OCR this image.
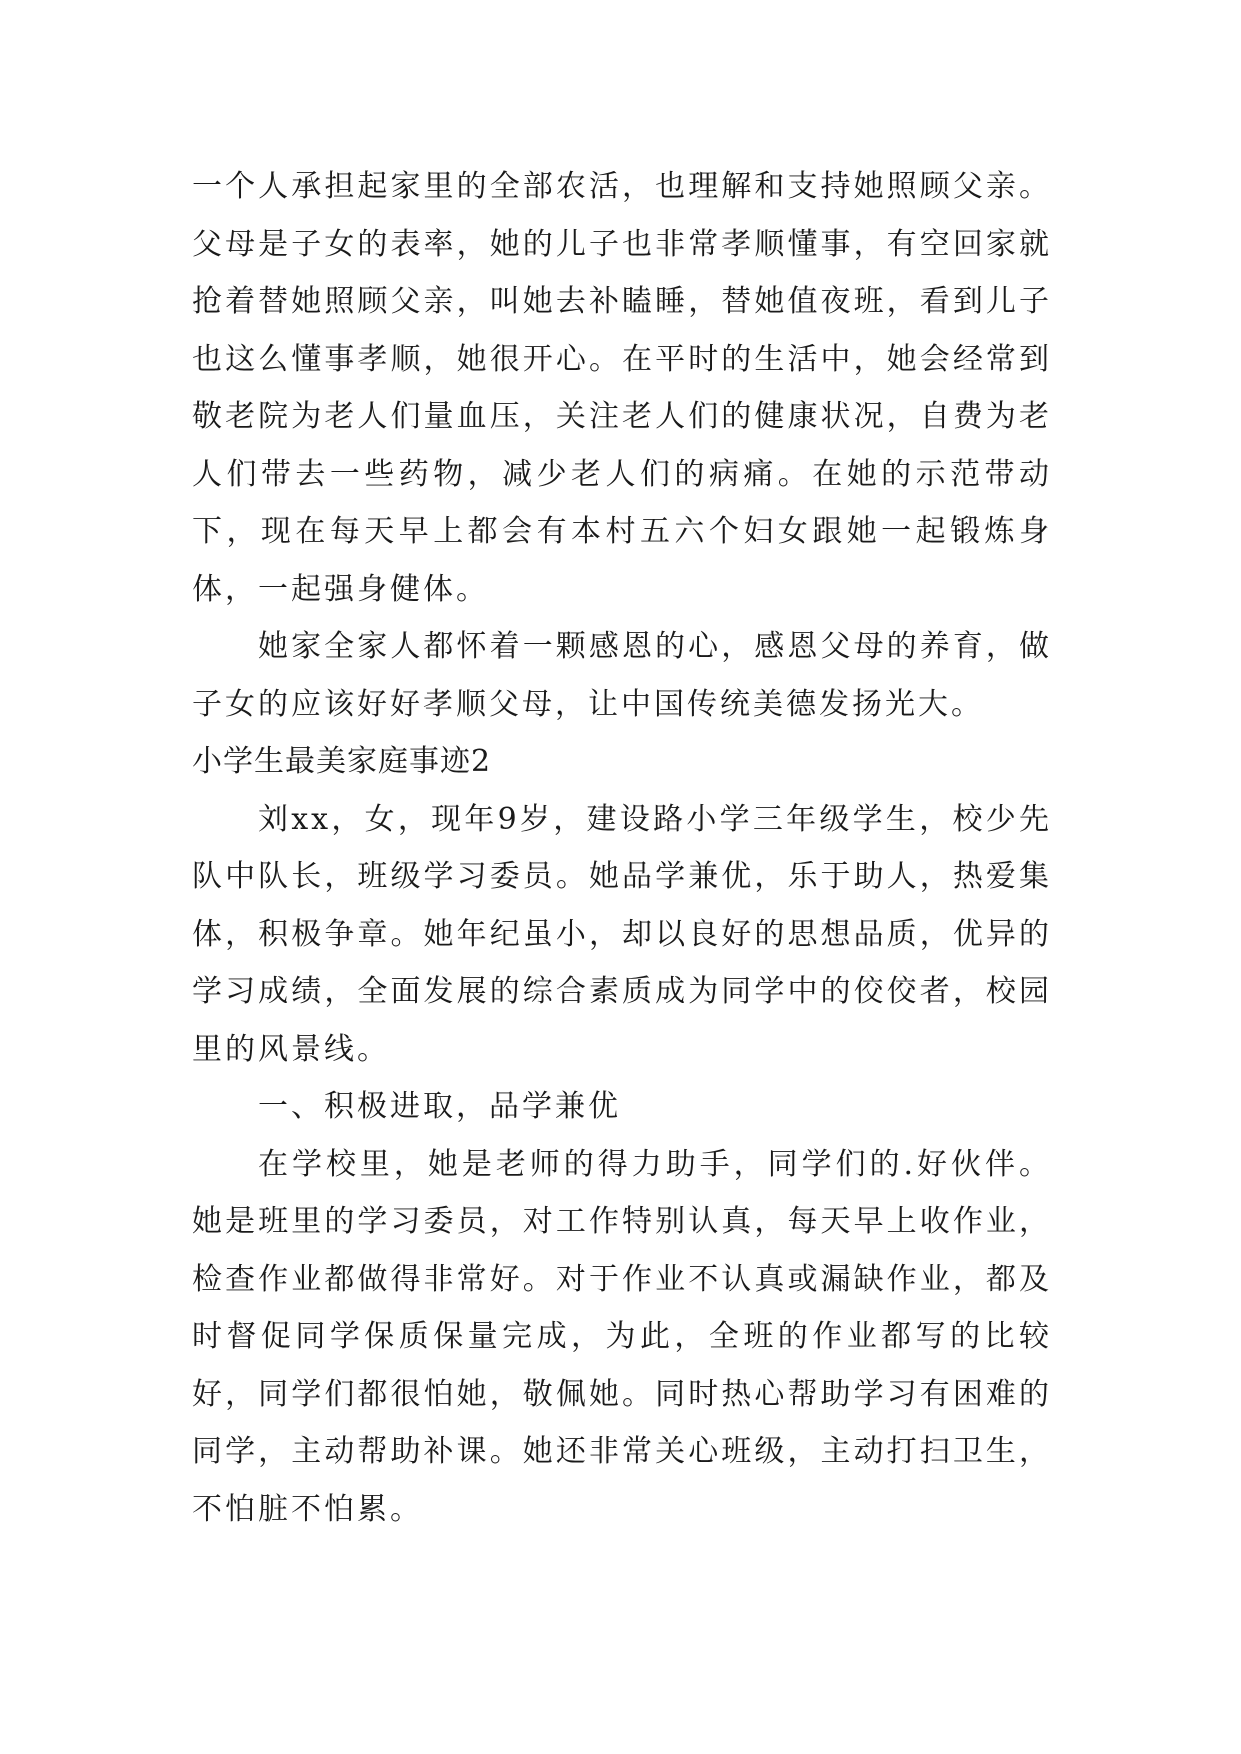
一个人承担起家里的全部农活，也理解和支持她照顾父亲。父母是子女的表率，她的儿子也非常孝顺懂事，有空回家就抢着替她照顾父亲，叫她去补瞌睡，替她值夜班，看到儿子也这么懂事孝顺，她很开心。在平时的生活中，她会经常到敬老院为老人们量血压，关注老人们的健康状况，自费为老人们带去一些药物，减少老人们的病痛。在她的示范带动下，现在每天早上都会有本村五六个妇女跟她一起锻炼身体，一起强身健体。

她家全家人都怀着一颗感恩的心，感恩父母的养育，做子女的应该好好孝顺父母，让中国传统美德发扬光大。

小学生最美家庭事迹2

刘xx，女，现年9岁，建设路小学三年级学生，校少先队中队长，班级学习委员。她品学兼优，乐于助人，热爱集体，积极争章。她年纪虽小，却以良好的思想品质，优异的学习成绩，全面发展的综合素质成为同学中的佼佼者，校园里的风景线。

一、积极进取，品学兼优

在学校里，她是老师的得力助手，同学们的.好伙伴。她是班里的学习委员，对工作特别认真，每天早上收作业，检查作业都做得非常好。对于作业不认真或漏缺作业，都及时督促同学保质保量完成，为此，全班的作业都写的比较好，同学们都很怕她，敬佩她。同时热心帮助学习有困难的同学，主动帮助补课。她还非常关心班级，主动打扫卫生，不怕脏不怕累。
